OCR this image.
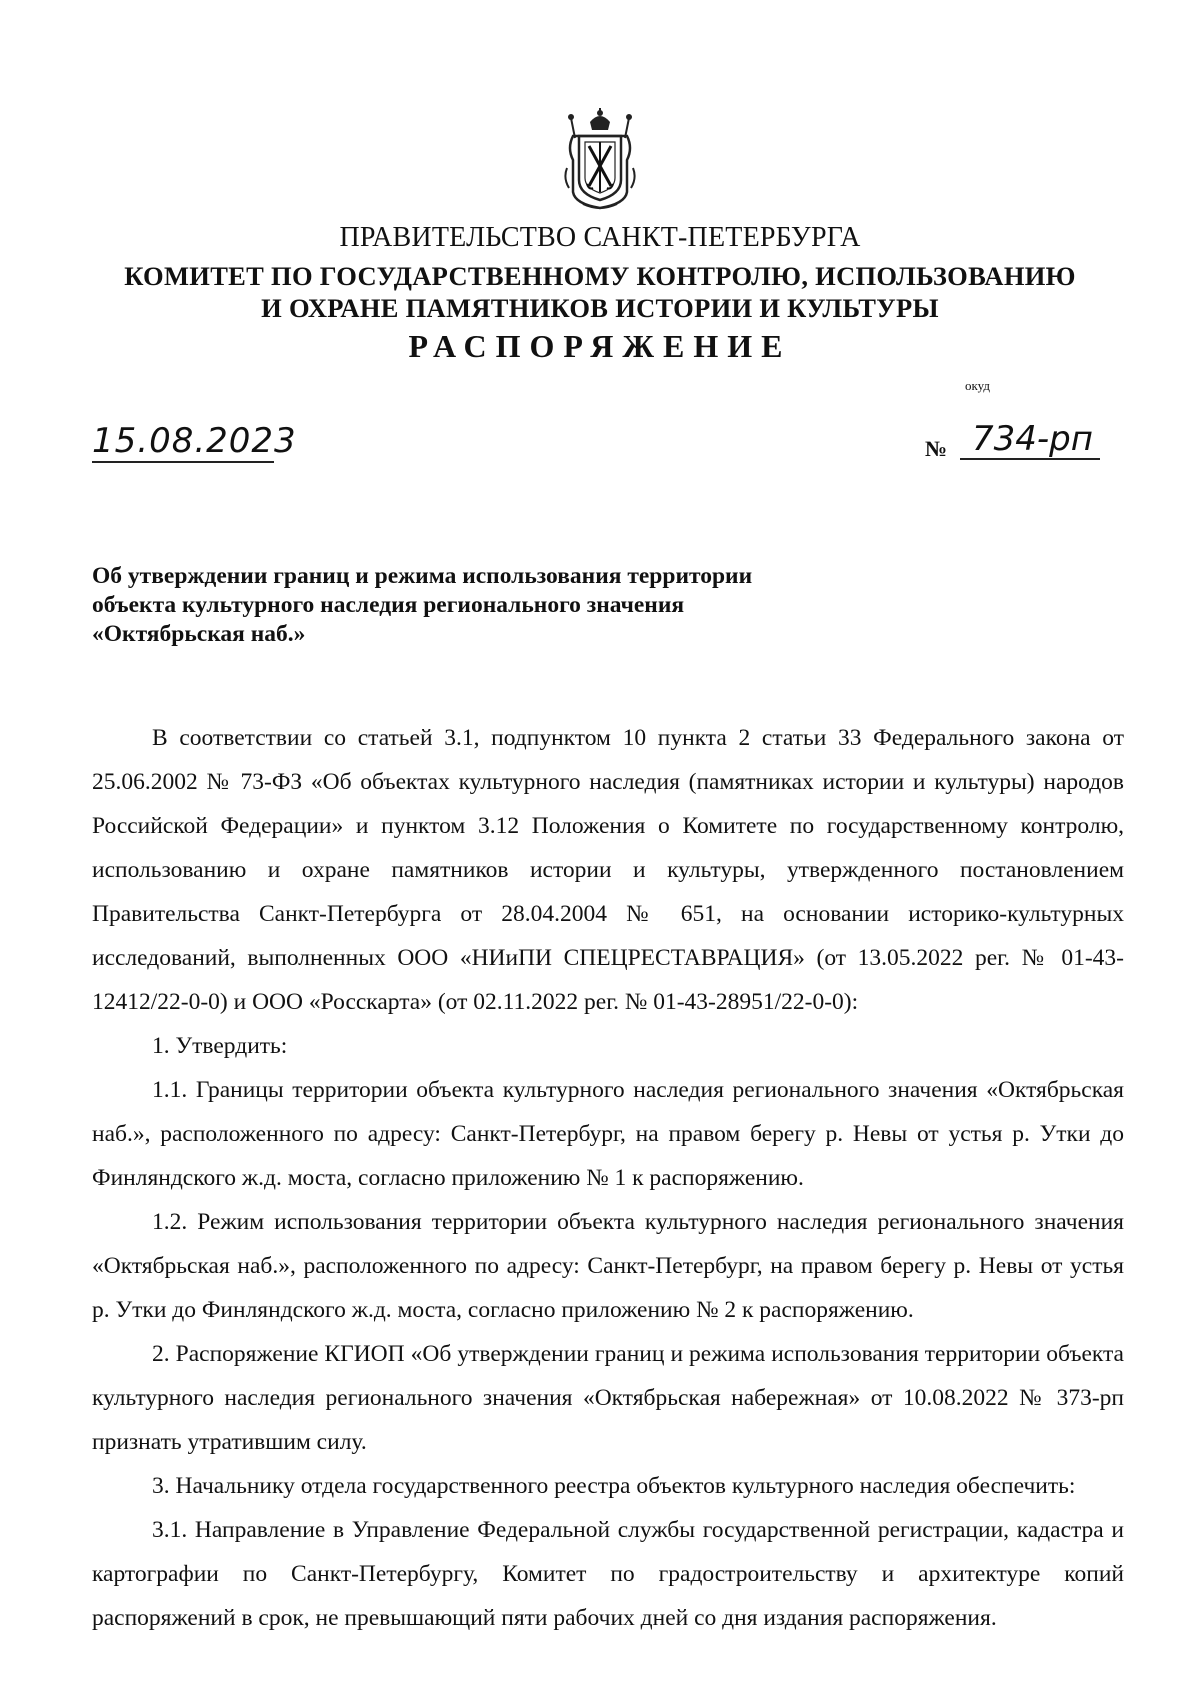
ПРАВИТЕЛЬСТВО САНКТ-ПЕТЕРБУРГА
КОМИТЕТ ПО ГОСУДАРСТВЕННОМУ КОНТРОЛЮ, ИСПОЛЬЗОВАНИЮ
И ОХРАНЕ ПАМЯТНИКОВ ИСТОРИИ И КУЛЬТУРЫ
РАСПОРЯЖЕНИЕ
окуд
15.08.2023	№ 734-рп
Об утверждении границ и режима использования территории
объекта культурного наследия регионального значения
«Октябрьская наб.»

В соответствии со статьей 3.1, подпунктом 10 пункта 2 статьи 33 Федерального закона от 25.06.2002 № 73-ФЗ «Об объектах культурного наследия (памятниках истории и культуры) народов Российской Федерации» и пунктом 3.12 Положения о Комитете по государственному контролю, использованию и охране памятников истории и культуры, утвержденного постановлением Правительства Санкт-Петербурга от 28.04.2004 № 651, на основании историко-культурных исследований, выполненных ООО «НИиПИ СПЕЦРЕСТАВРАЦИЯ» (от 13.05.2022 рег. № 01-43-12412/22-0-0) и ООО «Росскарта» (от 02.11.2022 рег. № 01-43-28951/22-0-0):

1. Утвердить:

1.1. Границы территории объекта культурного наследия регионального значения «Октябрьская наб.», расположенного по адресу: Санкт-Петербург, на правом берегу р. Невы от устья р. Утки до Финляндского ж.д. моста, согласно приложению № 1 к распоряжению.

1.2. Режим использования территории объекта культурного наследия регионального значения «Октябрьская наб.», расположенного по адресу: Санкт-Петербург, на правом берегу р. Невы от устья р. Утки до Финляндского ж.д. моста, согласно приложению № 2 к распоряжению.

2. Распоряжение КГИОП «Об утверждении границ и режима использования территории объекта культурного наследия регионального значения «Октябрьская набережная» от 10.08.2022 № 373-рп признать утратившим силу.

3. Начальнику отдела государственного реестра объектов культурного наследия обеспечить:

3.1. Направление в Управление Федеральной службы государственной регистрации, кадастра и картографии по Санкт-Петербургу, Комитет по градостроительству и архитектуре копий распоряжений в срок, не превышающий пяти рабочих дней со дня издания распоряжения.
